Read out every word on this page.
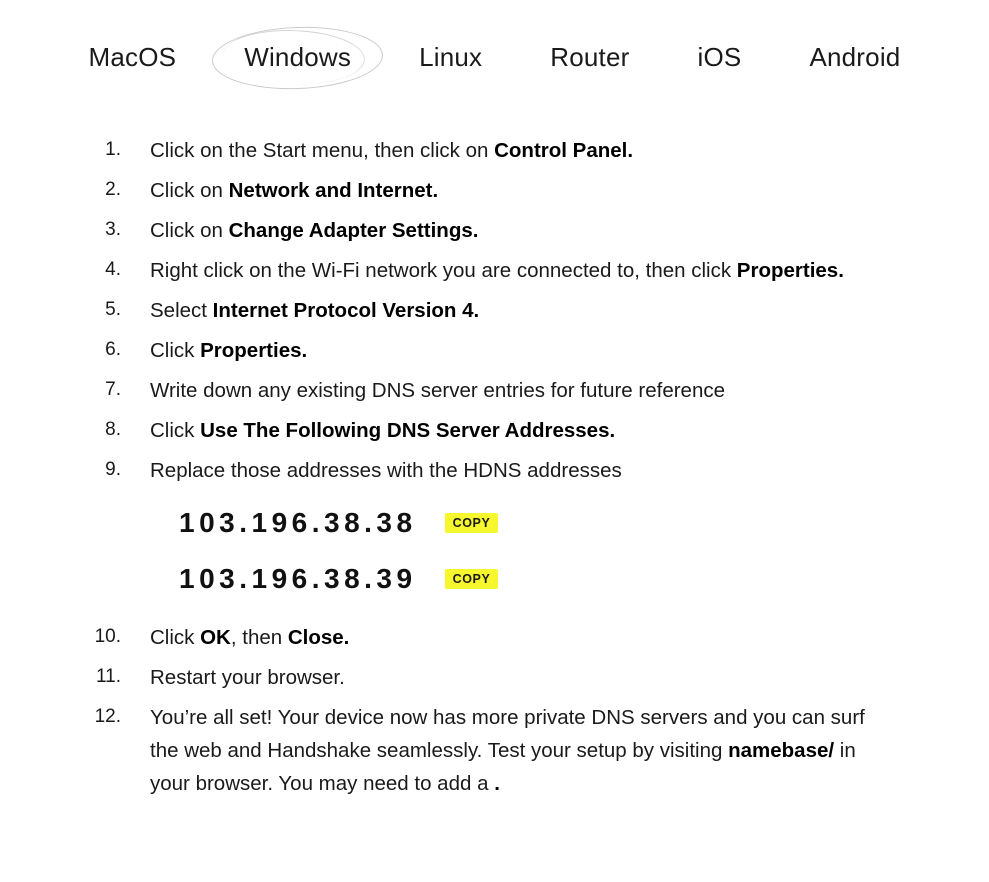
MacOS	Windows	Linux	Router	iOS	Android
1.	Click on the Start menu, then click on Control Panel.
2.	Click on Network and Internet.
3.	Click on Change Adapter Settings.
4.	Right click on the Wi-Fi network you are connected to, then click Properties.
5.	Select Internet Protocol Version 4.
6.	Click Properties.
7.	Write down any existing DNS server entries for future reference
8.	Click Use The Following DNS Server Addresses.
9.	Replace those addresses with the HDNS addresses
103.196.38.38	COPY
103.196.38.39	COPY
10.	Click OK, then Close.
11.	Restart your browser.
12.	You’re all set! Your device now has more private DNS servers and you can surf the web and Handshake seamlessly. Test your setup by visiting namebase/ in your browser. You may need to add a .
